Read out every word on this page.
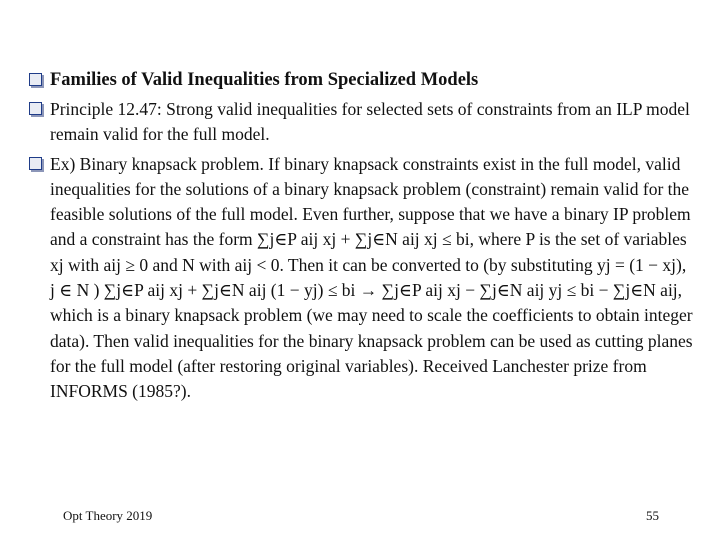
Families of Valid Inequalities from Specialized Models

Principle 12.47: Strong valid inequalities for selected sets of constraints from an ILP model remain valid for the full model.

Ex) Binary knapsack problem. If binary knapsack constraints exist in the full model, valid inequalities for the solutions of a binary knapsack problem (constraint) remain valid for the feasible solutions of the full model. Even further, suppose that we have a binary IP problem and a constraint has the form ∑j∈P aij xj + ∑j∈N aij xj ≤ bi, where P is the set of variables xj with aij ≥ 0 and N with aij < 0. Then it can be converted to (by substituting yj = (1 − xj), j ∈ N ) ∑j∈P aij xj + ∑j∈N aij (1 − yj) ≤ bi → ∑j∈P aij xj − ∑j∈N aij yj ≤ bi − ∑j∈N aij, which is a binary knapsack problem (we may need to scale the coefficients to obtain integer data). Then valid inequalities for the binary knapsack problem can be used as cutting planes for the full model (after restoring original variables). Received Lanchester prize from INFORMS (1985?).

Opt Theory 2019	55
